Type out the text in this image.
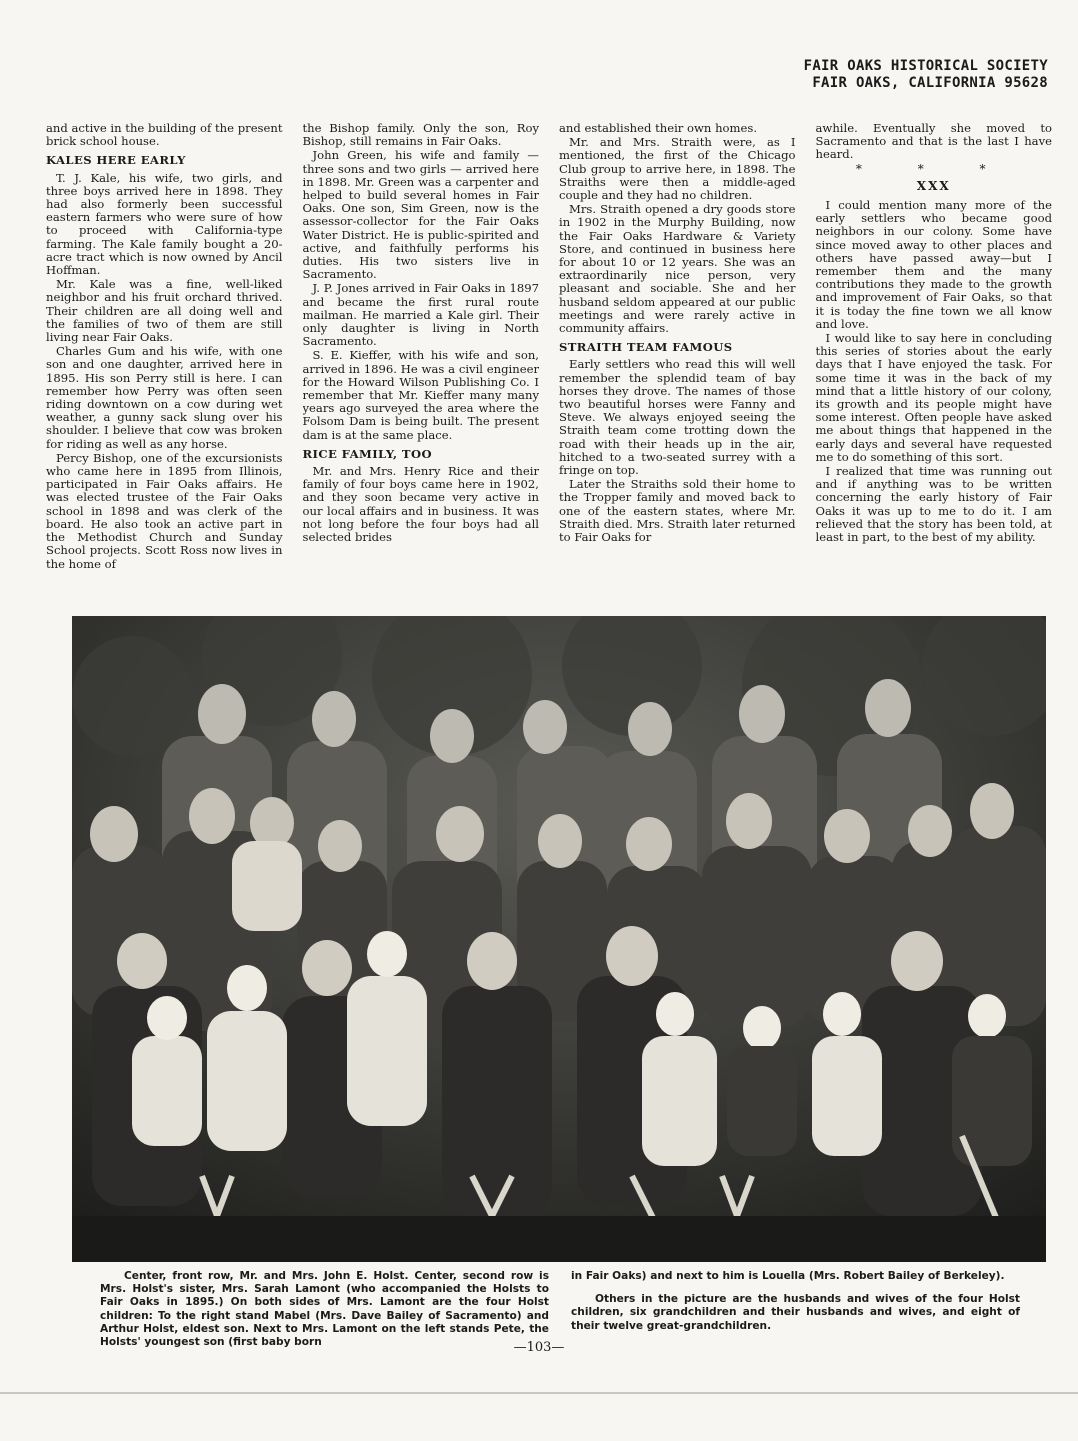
FAIR OAKS HISTORICAL SOCIETY
FAIR OAKS, CALIFORNIA 95628

and active in the building of the present brick school house.

KALES HERE EARLY

T. J. Kale, his wife, two girls, and three boys arrived here in 1898. They had also formerly been successful eastern farmers who were sure of how to proceed with California-type farming. The Kale family bought a 20-acre tract which is now owned by Ancil Hoffman.

Mr. Kale was a fine, well-liked neighbor and his fruit orchard thrived. Their children are all doing well and the families of two of them are still living near Fair Oaks.

Charles Gum and his wife, with one son and one daughter, arrived here in 1895. His son Perry still is here. I can remember how Perry was often seen riding downtown on a cow during wet weather, a gunny sack slung over his shoulder. I believe that cow was broken for riding as well as any horse.

Percy Bishop, one of the excursionists who came here in 1895 from Illinois, participated in Fair Oaks affairs. He was elected trustee of the Fair Oaks school in 1898 and was clerk of the board. He also took an active part in the Methodist Church and Sunday School projects. Scott Ross now lives in the home of

the Bishop family. Only the son, Roy Bishop, still remains in Fair Oaks.

John Green, his wife and family — three sons and two girls — arrived here in 1898. Mr. Green was a carpenter and helped to build several homes in Fair Oaks. One son, Sim Green, now is the assessor-collector for the Fair Oaks Water District. He is public-spirited and active, and faithfully performs his duties. His two sisters live in Sacramento.

J. P. Jones arrived in Fair Oaks in 1897 and became the first rural route mailman. He married a Kale girl. Their only daughter is living in North Sacramento.

S. E. Kieffer, with his wife and son, arrived in 1896. He was a civil engineer for the Howard Wilson Publishing Co. I remember that Mr. Kieffer many many years ago surveyed the area where the Folsom Dam is being built. The present dam is at the same place.

RICE FAMILY, TOO

Mr. and Mrs. Henry Rice and their family of four boys came here in 1902, and they soon became very active in our local affairs and in business. It was not long before the four boys had all selected brides

and established their own homes.

Mr. and Mrs. Straith were, as I mentioned, the first of the Chicago Club group to arrive here, in 1898. The Straiths were then a middle-aged couple and they had no children.

Mrs. Straith opened a dry goods store in 1902 in the Murphy Building, now the Fair Oaks Hardware & Variety Store, and continued in business here for about 10 or 12 years. She was an extraordinarily nice person, very pleasant and sociable. She and her husband seldom appeared at our public meetings and were rarely active in community affairs.

STRAITH TEAM FAMOUS

Early settlers who read this will well remember the splendid team of bay horses they drove. The names of those two beautiful horses were Fanny and Steve. We always enjoyed seeing the Straith team come trotting down the road with their heads up in the air, hitched to a two-seated surrey with a fringe on top.

Later the Straiths sold their home to the Tropper family and moved back to one of the eastern states, where Mr. Straith died. Mrs. Straith later returned to Fair Oaks for

awhile. Eventually she moved to Sacramento and that is the last I have heard.

* * *
XXX

I could mention many more of the early settlers who became good neighbors in our colony. Some have since moved away to other places and others have passed away—but I remember them and the many contributions they made to the growth and improvement of Fair Oaks, so that it is today the fine town we all know and love.

I would like to say here in concluding this series of stories about the early days that I have enjoyed the task. For some time it was in the back of my mind that a little history of our colony, its growth and its people might have some interest. Often people have asked me about things that happened in the early days and several have requested me to do something of this sort.

I realized that time was running out and if anything was to be written concerning the early history of Fair Oaks it was up to me to do it. I am relieved that the story has been told, at least in part, to the best of my ability.

Center, front row, Mr. and Mrs. John E. Holst. Center, second row is Mrs. Holst's sister, Mrs. Sarah Lamont (who accompanied the Holsts to Fair Oaks in 1895.) On both sides of Mrs. Lamont are the four Holst children: To the right stand Mabel (Mrs. Dave Bailey of Sacramento) and Arthur Holst, eldest son. Next to Mrs. Lamont on the left stands Pete, the Holsts' youngest son (first baby born

in Fair Oaks) and next to him is Louella (Mrs. Robert Bailey of Berkeley).

Others in the picture are the husbands and wives of the four Holst children, six grandchildren and their husbands and wives, and eight of their twelve great-grandchildren.

—103—
